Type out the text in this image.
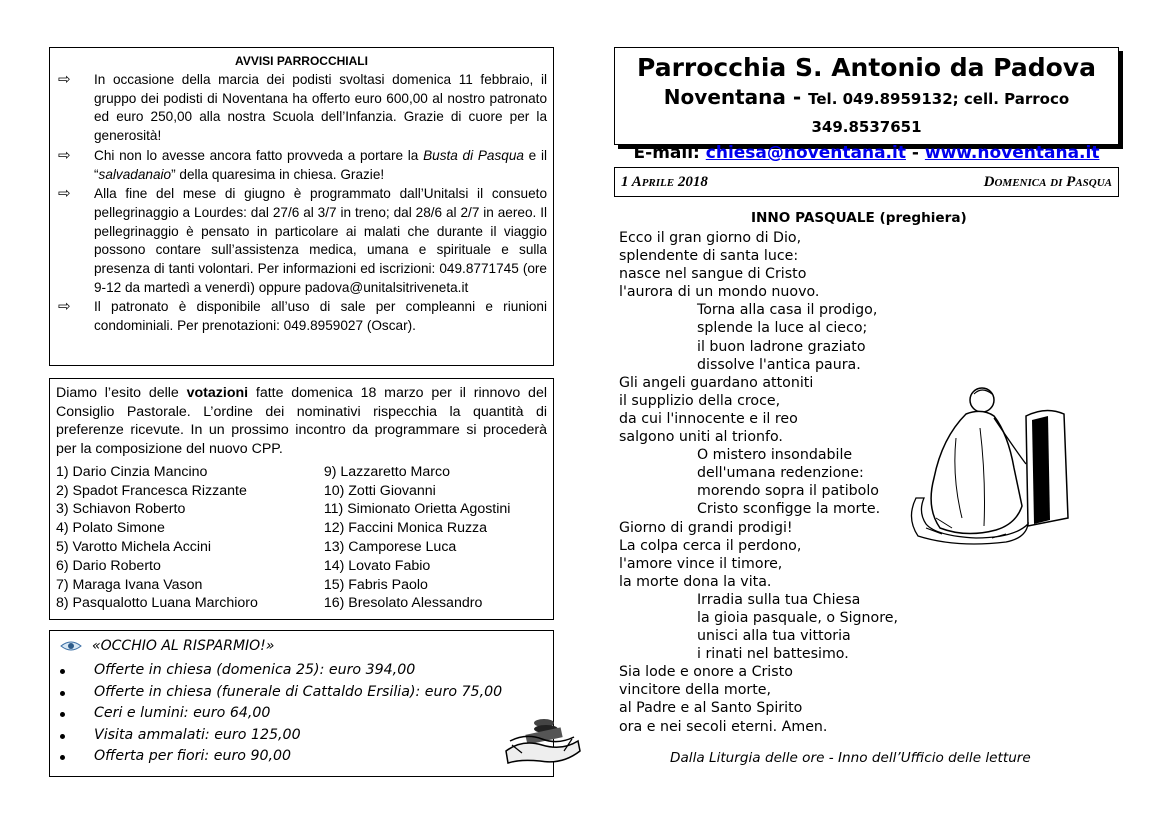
AVVISI PARROCCHIALI
⇨ In occasione della marcia dei podisti svoltasi domenica 11 febbraio, il gruppo dei podisti di Noventana ha offerto euro 600,00 al nostro patronato ed euro 250,00 alla nostra Scuola dell’Infanzia. Grazie di cuore per la generosità!
⇨ Chi non lo avesse ancora fatto provveda a portare la Busta di Pasqua e il “salvadanaio” della quaresima in chiesa. Grazie!
⇨ Alla fine del mese di giugno è programmato dall’Unitalsi il consueto pellegrinaggio a Lourdes: dal 27/6 al 3/7 in treno; dal 28/6 al 2/7 in aereo. Il pellegrinaggio è pensato in particolare ai malati che durante il viaggio possono contare sull’assistenza medica, umana e spirituale e sulla presenza di tanti volontari. Per informazioni ed iscrizioni: 049.8771745 (ore 9-12 da martedì a venerdì) oppure padova@unitalsitriveneta.it
⇨ Il patronato è disponibile all’uso di sale per compleanni e riunioni condominiali. Per prenotazioni: 049.8959027 (Oscar).
Diamo l’esito delle votazioni fatte domenica 18 marzo per il rinnovo del Consiglio Pastorale. L’ordine dei nominativi rispecchia la quantità di preferenze ricevute. In un prossimo incontro da programmare si procederà per la composizione del nuovo CPP.
1) Dario Cinzia Mancino
2) Spadot Francesca Rizzante
3) Schiavon Roberto
4) Polato Simone
5) Varotto Michela Accini
6) Dario Roberto
7) Maraga Ivana Vason
8) Pasqualotto Luana Marchioro
9) Lazzaretto Marco
10) Zotti Giovanni
11) Simionato Orietta Agostini
12) Faccini Monica Ruzza
13) Camporese Luca
14) Lovato Fabio
15) Fabris Paolo
16) Bresolato Alessandro
«OCCHIO AL RISPARMIO!»
Offerte in chiesa (domenica 25): euro 394,00
Offerte in chiesa (funerale di Cattaldo Ersilia): euro 75,00
Ceri e lumini: euro 64,00
Visita ammalati: euro 125,00
Offerta per fiori: euro 90,00
Parrocchia S. Antonio da Padova
Noventana - Tel. 049.8959132; cell. Parroco 349.8537651
E-mail: chiesa@noventana.it - www.noventana.it
1 Aprile 2018	Domenica di Pasqua
INNO PASQUALE (preghiera)
Ecco il gran giorno di Dio,
splendente di santa luce:
nasce nel sangue di Cristo
l'aurora di un mondo nuovo.
Torna alla casa il prodigo,
splende la luce al cieco;
il buon ladrone graziato
dissolve l'antica paura.
Gli angeli guardano attoniti
il supplizio della croce,
da cui l'innocente e il reo
salgono uniti al trionfo.
O mistero insondabile
dell'umana redenzione:
morendo sopra il patibolo
Cristo sconfigge la morte.
Giorno di grandi prodigi!
La colpa cerca il perdono,
l'amore vince il timore,
la morte dona la vita.
Irradia sulla tua Chiesa
la gioia pasquale, o Signore,
unisci alla tua vittoria
i rinati nel battesimo.
Sia lode e onore a Cristo
vincitore della morte,
al Padre e al Santo Spirito
ora e nei secoli eterni. Amen.
Dalla Liturgia delle ore - Inno dell’Ufficio delle letture
